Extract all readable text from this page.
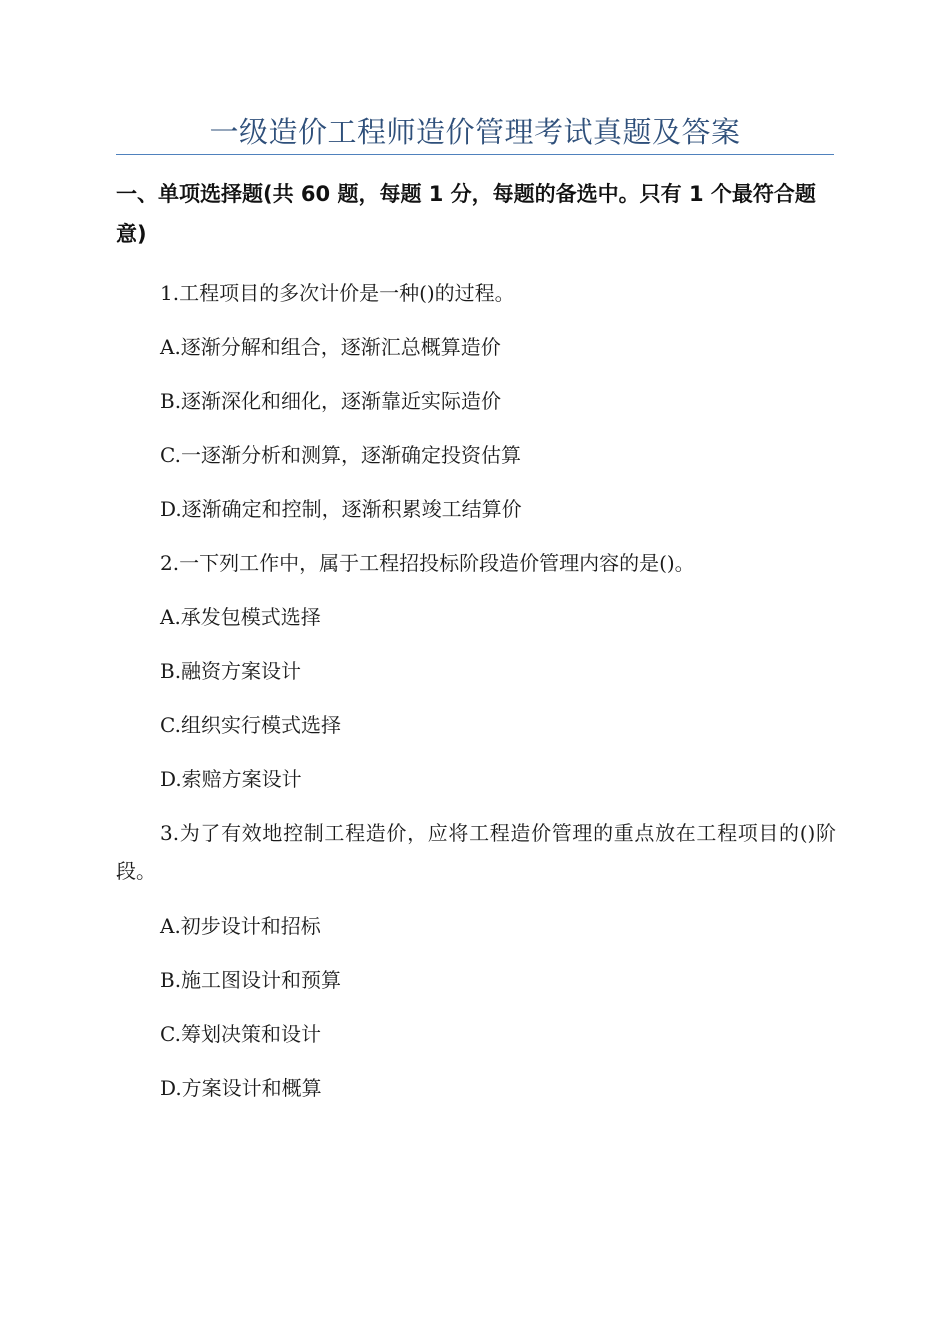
一级造价工程师造价管理考试真题及答案
一、单项选择题(共 60 题，每题 1 分，每题的备选中。只有 1 个最符合题意)
1.工程项目的多次计价是一种()的过程。
A.逐渐分解和组合，逐渐汇总概算造价
B.逐渐深化和细化，逐渐靠近实际造价
C.一逐渐分析和测算，逐渐确定投资估算
D.逐渐确定和控制，逐渐积累竣工结算价
2.一下列工作中，属于工程招投标阶段造价管理内容的是()。
A.承发包模式选择
B.融资方案设计
C.组织实行模式选择
D.索赔方案设计
3.为了有效地控制工程造价，应将工程造价管理的重点放在工程项目的()阶段。
A.初步设计和招标
B.施工图设计和预算
C.筹划决策和设计
D.方案设计和概算
